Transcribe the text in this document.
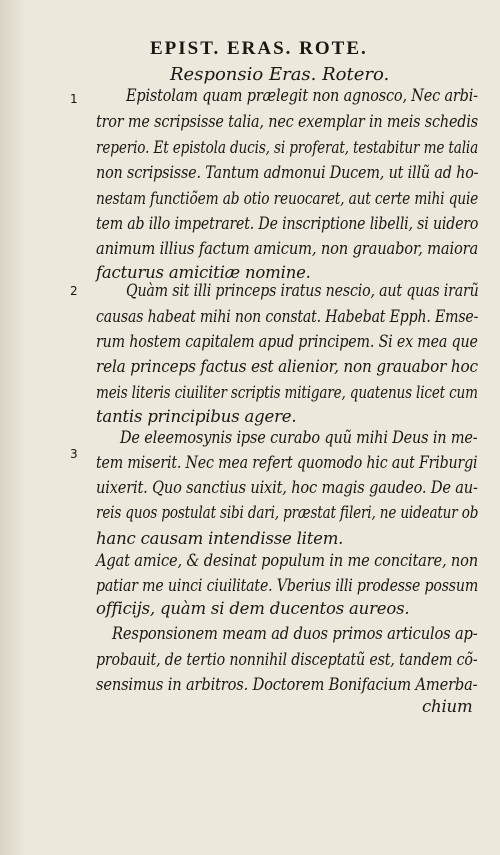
EPIST. ERAS. ROTE.
Responsio Eras. Rotero.
1
2
3
Epistolam quam prælegit non agnosco, Nec arbi-
tror me scripsisse talia, nec exemplar in meis schedis
reperio. Et epistola ducis, si proferat, testabitur me talia
non scripsisse. Tantum admonui Ducem, ut illũ ad ho-
nestam functiõem ab otio reuocaret, aut certe mihi quie
tem ab illo impetraret. De inscriptione libelli, si uidero
animum illius factum amicum, non grauabor, maiora
facturus amicitiæ nomine.
Quàm sit illi princeps iratus nescio, aut quas irarũ
causas habeat mihi non constat. Habebat Epph. Emse-
rum hostem capitalem apud principem. Si ex mea que
rela princeps factus est alienior, non grauabor hoc
meis literis ciuiliter scriptis mitigare, quatenus licet cum
tantis principibus agere.
De eleemosynis ipse curabo quũ mihi Deus in me-
tem miserit. Nec mea refert quomodo hic aut Friburgi
uixerit. Quo sanctius uixit, hoc magis gaudeo. De au-
reis quos postulat sibi dari, præstat fileri, ne uideatur ob
hanc causam intendisse litem.
Agat amice, & desinat populum in me concitare, non
patiar me uinci ciuilitate. Vberius illi prodesse possum
officijs, quàm si dem ducentos aureos.
Responsionem meam ad duos primos articulos ap-
probauit, de tertio nonnihil disceptatũ est, tandem cõ-
sensimus in arbitros. Doctorem Bonifacium Amerba-
chium
